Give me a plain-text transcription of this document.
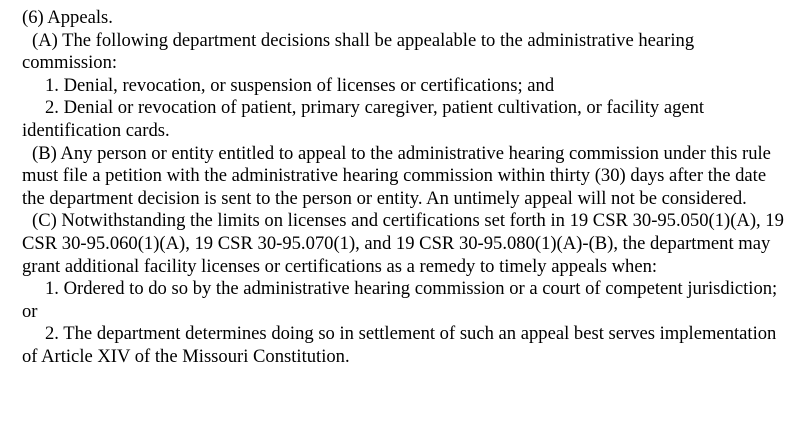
(6) Appeals.

(A) The following department decisions shall be appealable to the administrative hearing commission:

1. Denial, revocation, or suspension of licenses or certifications; and

2. Denial or revocation of patient, primary caregiver, patient cultivation, or facility agent identification cards.

(B) Any person or entity entitled to appeal to the administrative hearing commission under this rule must file a petition with the administrative hearing commission within thirty (30) days after the date the department decision is sent to the person or entity. An untimely appeal will not be considered.

(C) Notwithstanding the limits on licenses and certifications set forth in 19 CSR 30-95.050(1)(A), 19 CSR 30-95.060(1)(A), 19 CSR 30-95.070(1), and 19 CSR 30-95.080(1)(A)-(B), the department may grant additional facility licenses or certifications as a remedy to timely appeals when:

1. Ordered to do so by the administrative hearing commission or a court of competent jurisdiction; or

2. The department determines doing so in settlement of such an appeal best serves implementation of Article XIV of the Missouri Constitution.
